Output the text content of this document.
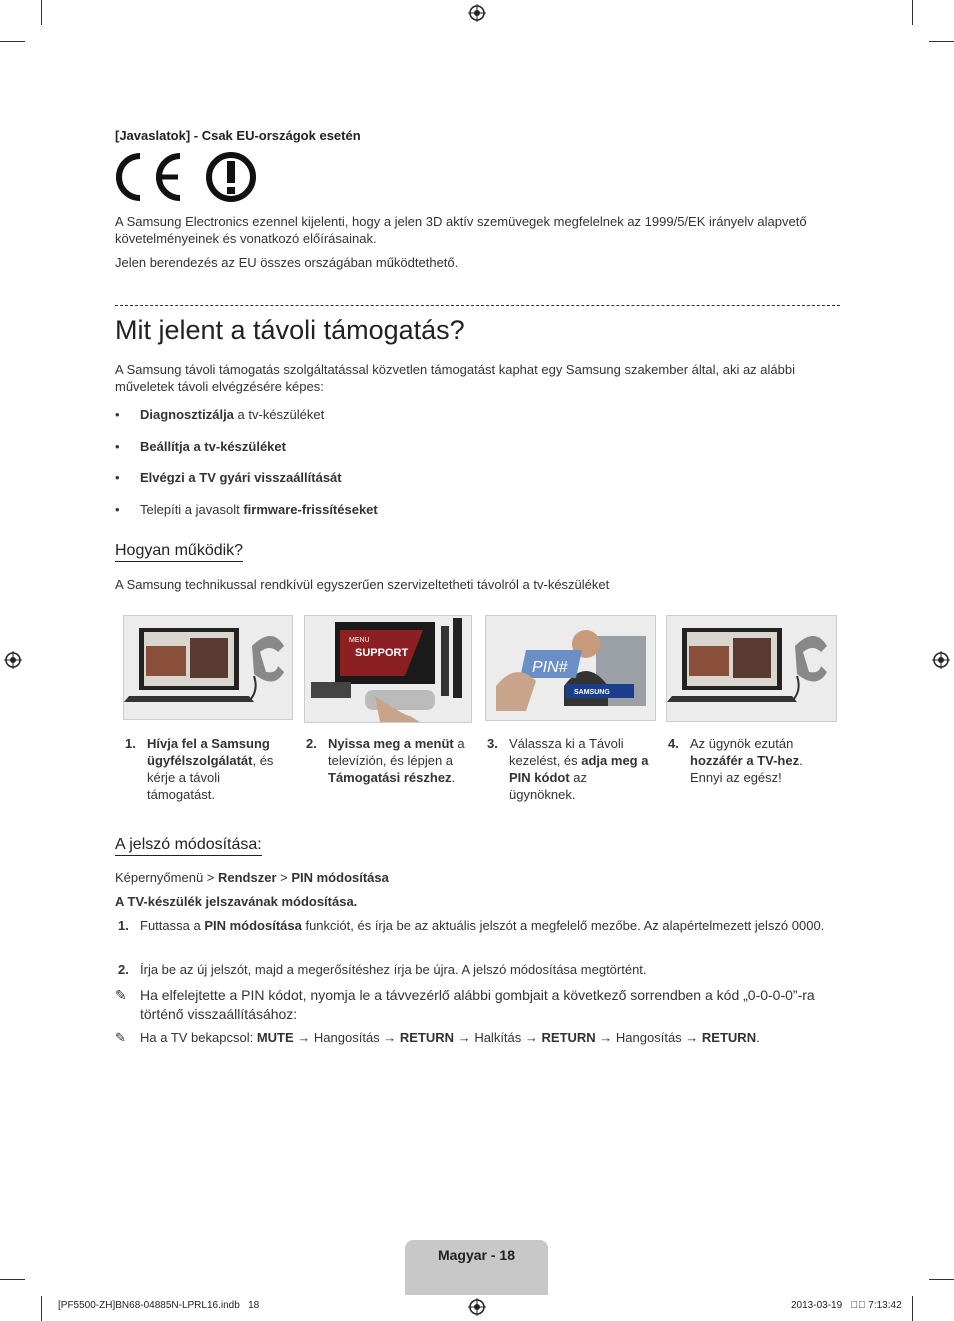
[Javaslatok] - Csak EU-országok esetén
A Samsung Electronics ezennel kijelenti, hogy a jelen 3D aktív szemüvegek megfelelnek az 1999/5/EK irányelv alapvető követelményeinek és vonatkozó előírásainak.
Jelen berendezés az EU összes országában működtethető.
Mit jelent a távoli támogatás?
A Samsung távoli támogatás szolgáltatással közvetlen támogatást kaphat egy Samsung szakember által, aki az alábbi műveletek távoli elvégzésére képes:
• Diagnosztizálja a tv-készüléket
• Beállítja a tv-készüléket
• Elvégzi a TV gyári visszaállítását
• Telepíti a javasolt firmware-frissítéseket
Hogyan működik?
A Samsung technikussal rendkívül egyszerűen szervizeltetheti távolról a tv-készüléket
MENU
SUPPORT
SAMSUNG
PIN#
1. Hívja fel a Samsung ügyfélszolgálatát, és kérje a távoli támogatást.
2. Nyissa meg a menüt a televízión, és lépjen a Támogatási részhez.
3. Válassza ki a Távoli kezelést, és adja meg a PIN kódot az ügynöknek.
4. Az ügynök ezután hozzáfér a TV-hez. Ennyi az egész!
A jelszó módosítása:
Képernyőmenü > Rendszer > PIN módosítása
A TV-készülék jelszavának módosítása.
1. Futtassa a PIN módosítása funkciót, és írja be az aktuális jelszót a megfelelő mezőbe. Az alapértelmezett jelszó 0000.
2. Írja be az új jelszót, majd a megerősítéshez írja be újra. A jelszó módosítása megtörtént.
✎ Ha elfelejtette a PIN kódot, nyomja le a távvezérlő alábbi gombjait a következő sorrendben a kód „0-0-0-0”-ra történő visszaállításához:
✎ Ha a TV bekapcsol: MUTE → Hangosítás → RETURN → Halkítás → RETURN → Hangosítás → RETURN.
Magyar - 18
[PF5500-ZH]BN68-04885N-LPRL16.indb   18	2013-03-19   ￿￿ 7:13:42
